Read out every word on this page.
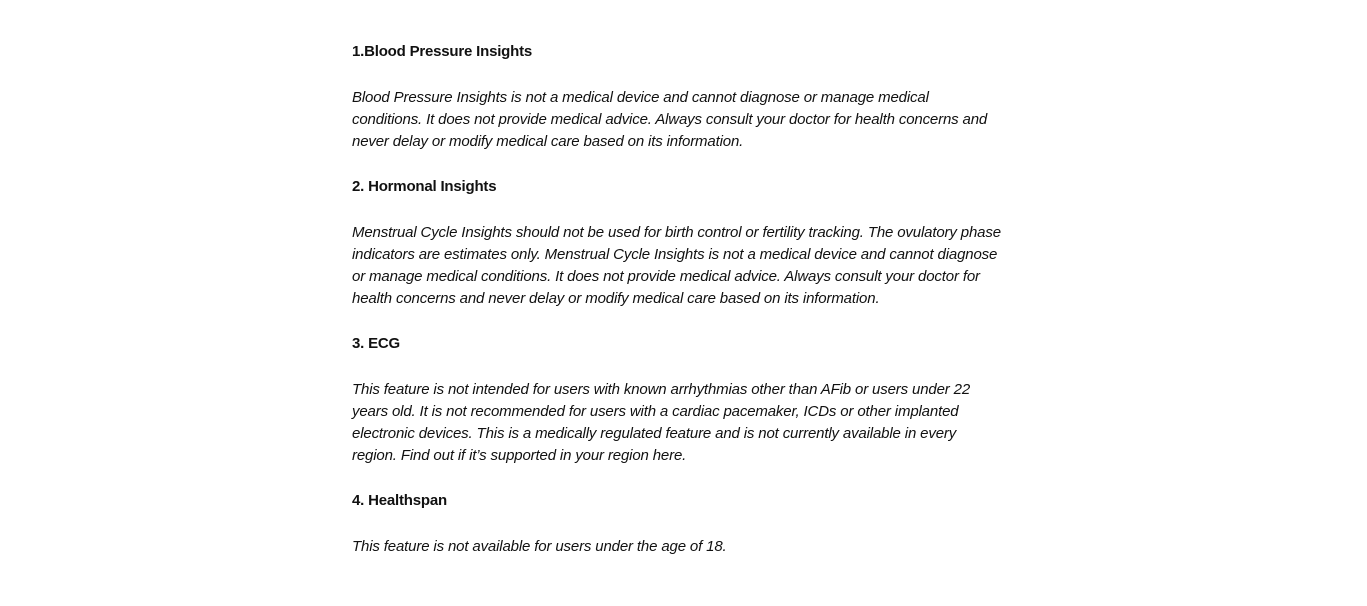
1.Blood Pressure Insights

Blood Pressure Insights is not a medical device and cannot diagnose or manage medical conditions. It does not provide medical advice. Always consult your doctor for health concerns and never delay or modify medical care based on its information.

2. Hormonal Insights

Menstrual Cycle Insights should not be used for birth control or fertility tracking. The ovulatory phase indicators are estimates only. Menstrual Cycle Insights is not a medical device and cannot diagnose or manage medical conditions. It does not provide medical advice. Always consult your doctor for health concerns and never delay or modify medical care based on its information.

3. ECG

This feature is not intended for users with known arrhythmias other than AFib or users under 22 years old. It is not recommended for users with a cardiac pacemaker, ICDs or other implanted electronic devices. This is a medically regulated feature and is not currently available in every region. Find out if it’s supported in your region here.

4. Healthspan

This feature is not available for users under the age of 18.
